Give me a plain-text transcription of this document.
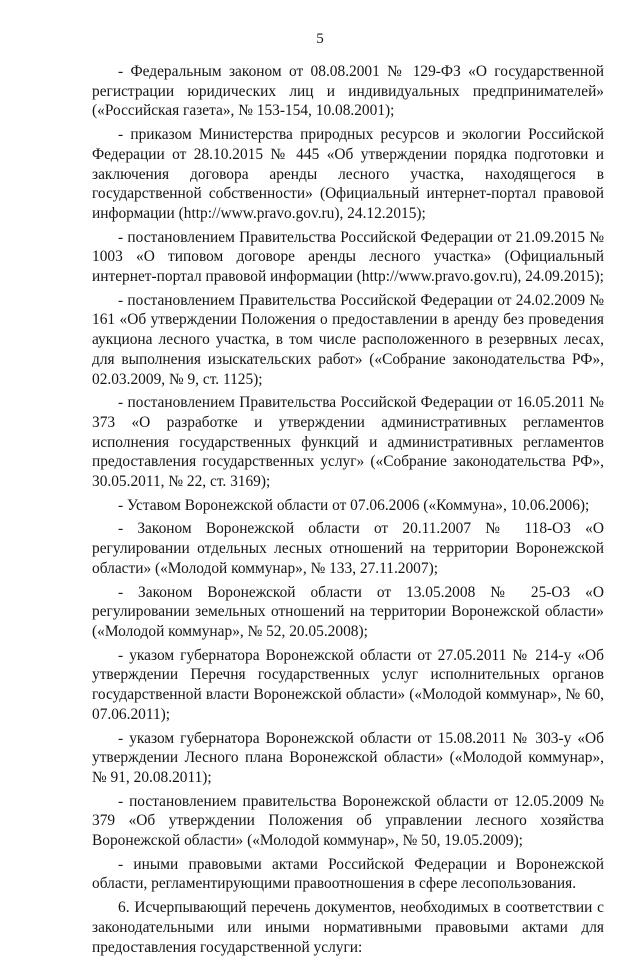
5

- Федеральным законом от 08.08.2001 № 129-ФЗ «О государственной регистрации юридических лиц и индивидуальных предпринимателей» («Российская газета», № 153-154, 10.08.2001);

- приказом Министерства природных ресурсов и экологии Российской Федерации от 28.10.2015 № 445 «Об утверждении порядка подготовки и заключения договора аренды лесного участка, находящегося в государственной собственности» (Официальный интернет-портал правовой информации (http://www.pravo.gov.ru), 24.12.2015);

- постановлением Правительства Российской Федерации от 21.09.2015 № 1003 «О типовом договоре аренды лесного участка» (Официальный интернет-портал правовой информации (http://www.pravo.gov.ru), 24.09.2015);

- постановлением Правительства Российской Федерации от 24.02.2009 № 161 «Об утверждении Положения о предоставлении в аренду без проведения аукциона лесного участка, в том числе расположенного в резервных лесах, для выполнения изыскательских работ» («Собрание законодательства РФ», 02.03.2009, № 9, ст. 1125);

- постановлением Правительства Российской Федерации от 16.05.2011 № 373 «О разработке и утверждении административных регламентов исполнения государственных функций и административных регламентов предоставления государственных услуг» («Собрание законодательства РФ», 30.05.2011, № 22, ст. 3169);

- Уставом Воронежской области от 07.06.2006 («Коммуна», 10.06.2006);

- Законом Воронежской области от 20.11.2007 № 118-ОЗ «О регулировании отдельных лесных отношений на территории Воронежской области» («Молодой коммунар», № 133, 27.11.2007);

- Законом Воронежской области от 13.05.2008 № 25-ОЗ «О регулировании земельных отношений на территории Воронежской области» («Молодой коммунар», № 52, 20.05.2008);

- указом губернатора Воронежской области от 27.05.2011 № 214-у «Об утверждении Перечня государственных услуг исполнительных органов государственной власти Воронежской области» («Молодой коммунар», № 60, 07.06.2011);

- указом губернатора Воронежской области от 15.08.2011 № 303-у «Об утверждении Лесного плана Воронежской области» («Молодой коммунар», № 91, 20.08.2011);

- постановлением правительства Воронежской области от 12.05.2009 № 379 «Об утверждении Положения об управлении лесного хозяйства Воронежской области» («Молодой коммунар», № 50, 19.05.2009);

- иными правовыми актами Российской Федерации и Воронежской области, регламентирующими правоотношения в сфере лесопользования.

6. Исчерпывающий перечень документов, необходимых в соответствии с законодательными или иными нормативными правовыми актами для предоставления государственной услуги:
